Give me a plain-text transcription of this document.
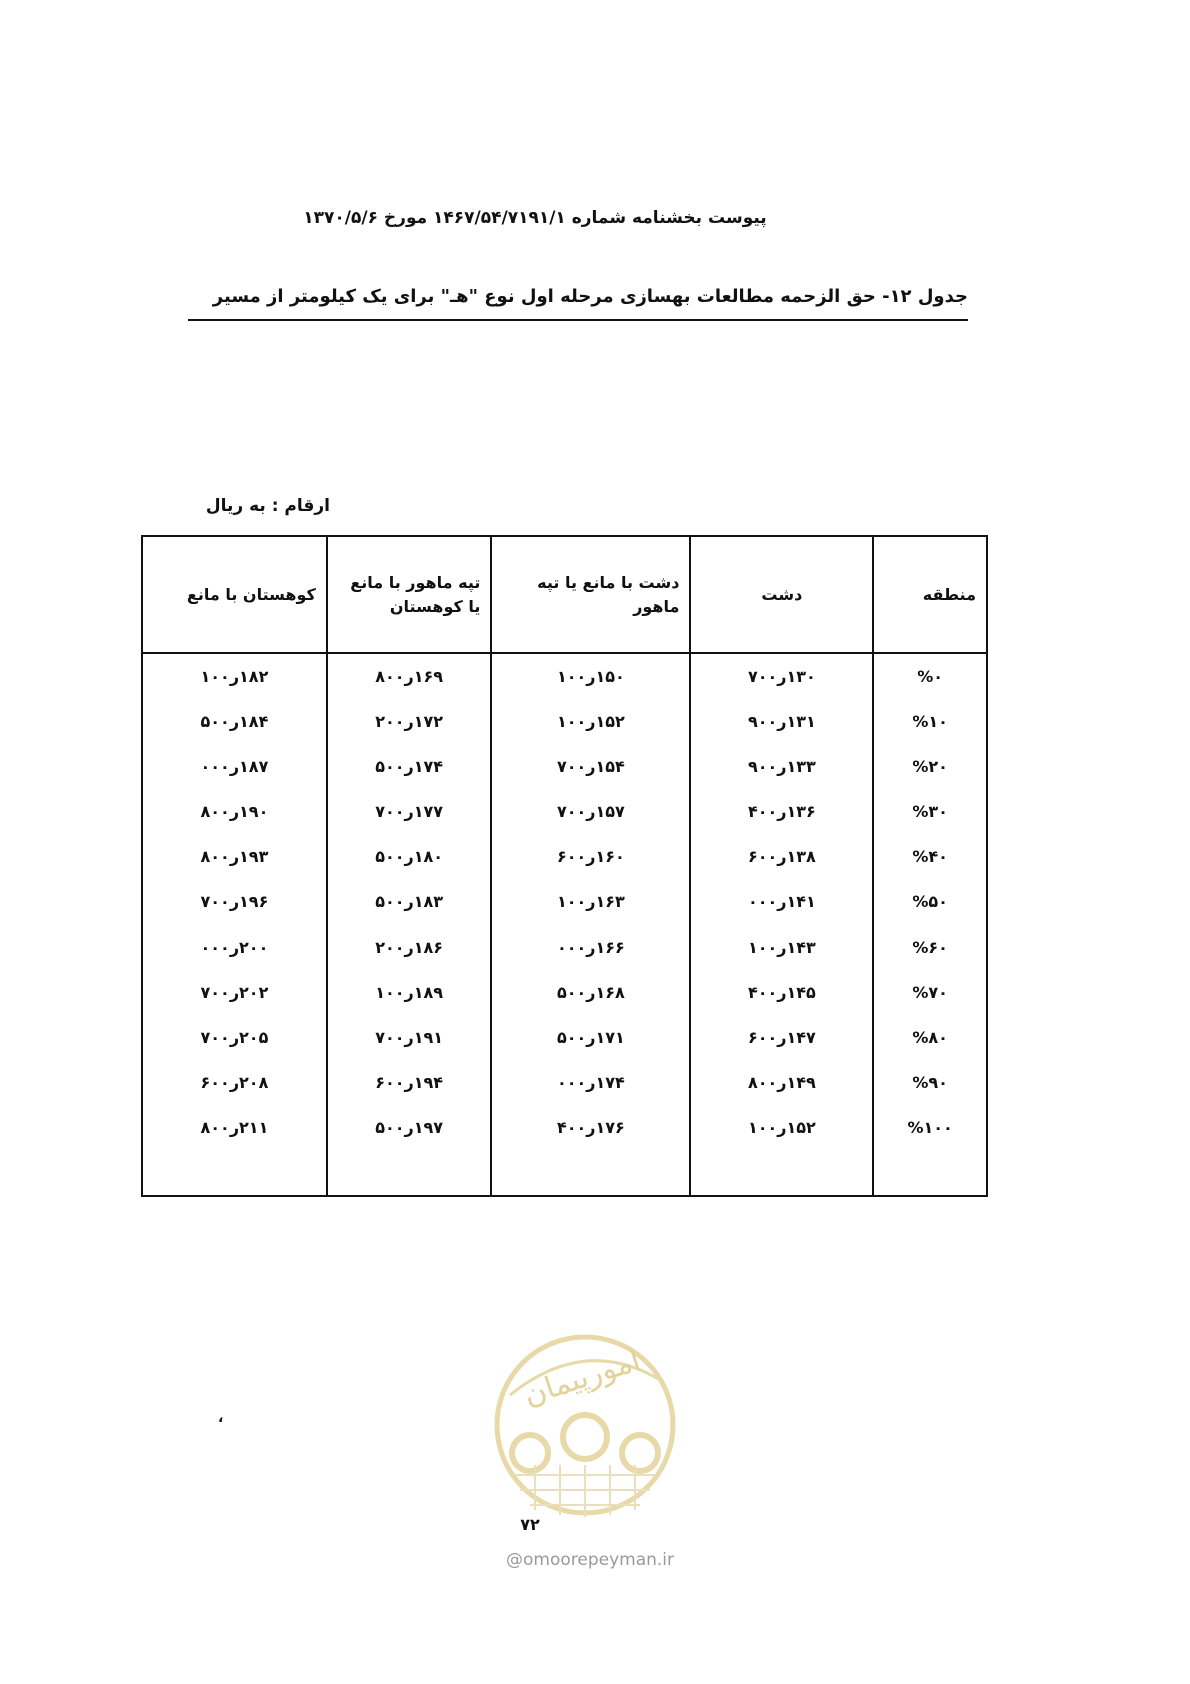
پیوست بخشنامه شماره ۱۴۶۷/۵۴/۷۱۹۱/۱ مورخ ۱۳۷۰/۵/۶
جدول ۱۲- حق الزحمه مطالعات بهسازی مرحله اول نوع "هـ" برای یک کیلومتر از مسیر
ارقام : به ریال
منطقه	دشت	دشت با مانع یا تپه ماهور	تپه ماهور با مانع یا کوهستان	کوهستان با مانع
%۰	۱۳۰ر۷۰۰	۱۵۰ر۱۰۰	۱۶۹ر۸۰۰	۱۸۲ر۱۰۰
%۱۰	۱۳۱ر۹۰۰	۱۵۲ر۱۰۰	۱۷۲ر۲۰۰	۱۸۴ر۵۰۰
%۲۰	۱۳۳ر۹۰۰	۱۵۴ر۷۰۰	۱۷۴ر۵۰۰	۱۸۷ر۰۰۰
%۳۰	۱۳۶ر۴۰۰	۱۵۷ر۷۰۰	۱۷۷ر۷۰۰	۱۹۰ر۸۰۰
%۴۰	۱۳۸ر۶۰۰	۱۶۰ر۶۰۰	۱۸۰ر۵۰۰	۱۹۳ر۸۰۰
%۵۰	۱۴۱ر۰۰۰	۱۶۳ر۱۰۰	۱۸۳ر۵۰۰	۱۹۶ر۷۰۰
%۶۰	۱۴۳ر۱۰۰	۱۶۶ر۰۰۰	۱۸۶ر۲۰۰	۲۰۰ر۰۰۰
%۷۰	۱۴۵ر۴۰۰	۱۶۸ر۵۰۰	۱۸۹ر۱۰۰	۲۰۲ر۷۰۰
%۸۰	۱۴۷ر۶۰۰	۱۷۱ر۵۰۰	۱۹۱ر۷۰۰	۲۰۵ر۷۰۰
%۹۰	۱۴۹ر۸۰۰	۱۷۴ر۰۰۰	۱۹۴ر۶۰۰	۲۰۸ر۶۰۰
%۱۰۰	۱۵۲ر۱۰۰	۱۷۶ر۴۰۰	۱۹۷ر۵۰۰	۲۱۱ر۸۰۰

،
امورپیمان
۷۲
@omoorepeyman.ir
